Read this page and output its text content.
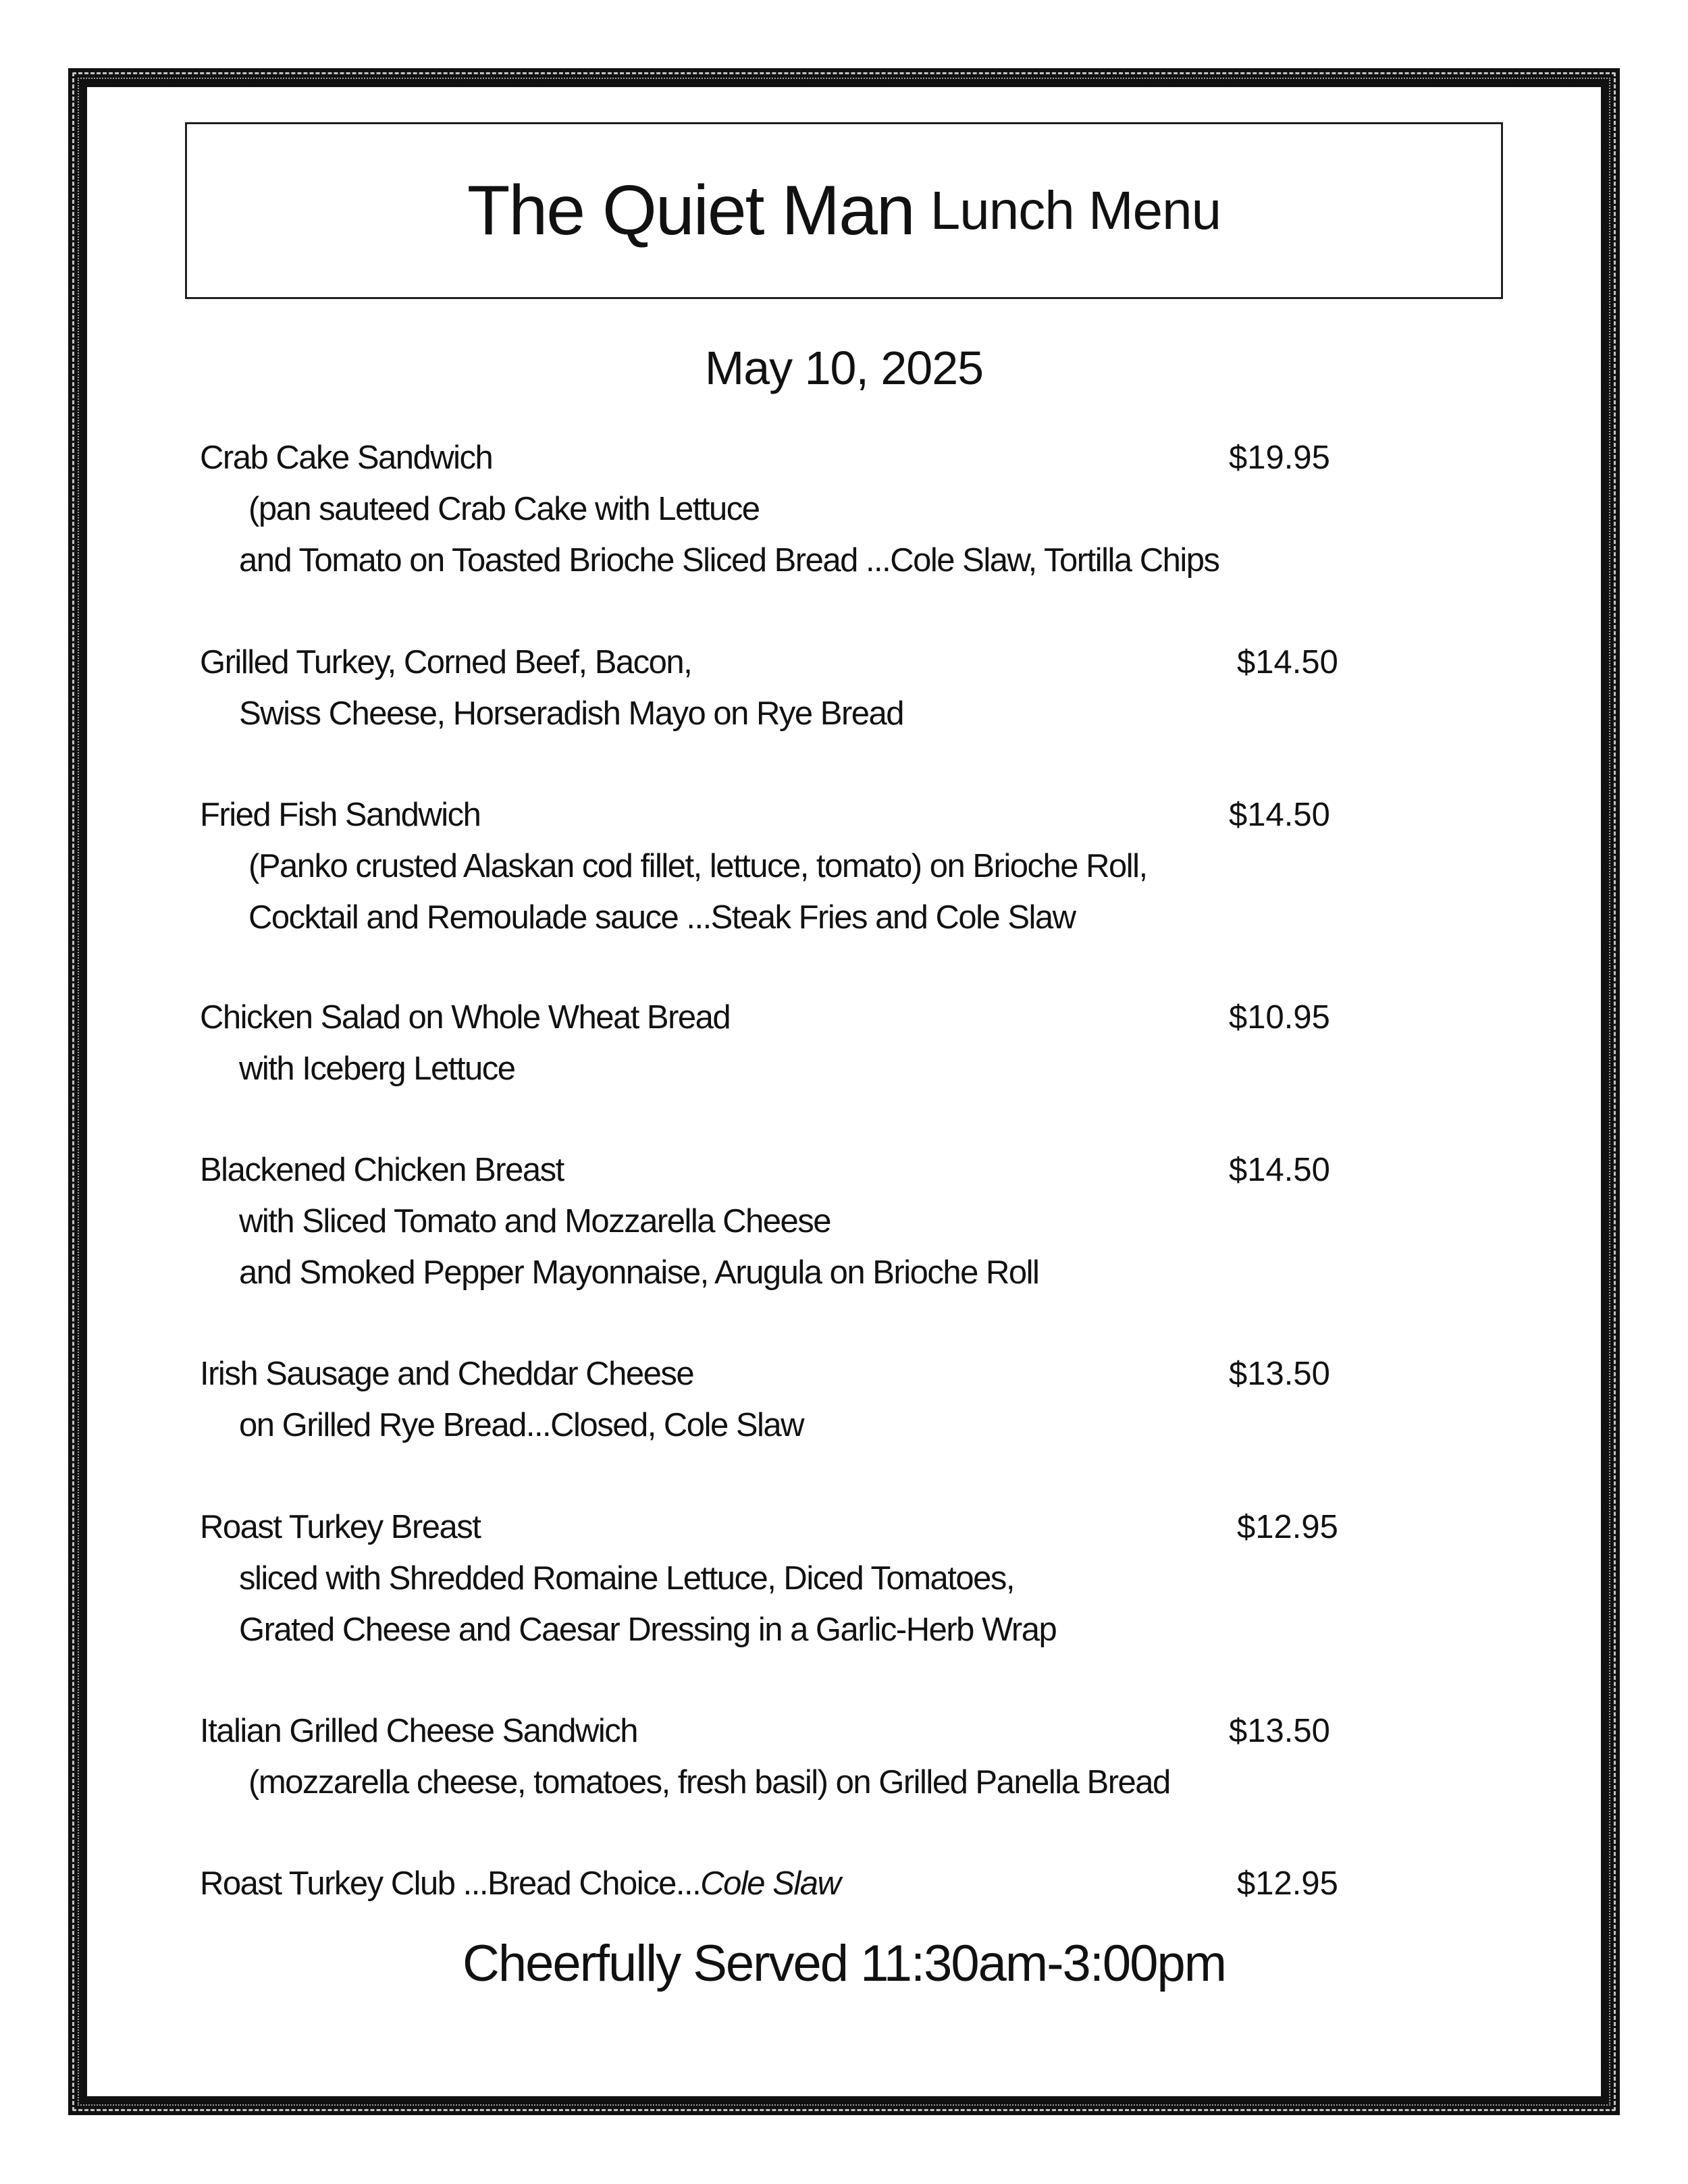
The Quiet Man Lunch Menu
May 10, 2025
Crab Cake Sandwich	$19.95
(pan sauteed Crab Cake with Lettuce
and Tomato on Toasted Brioche Sliced Bread ...Cole Slaw, Tortilla Chips
Grilled Turkey, Corned Beef, Bacon,	$14.50
Swiss Cheese, Horseradish Mayo on Rye Bread
Fried Fish Sandwich	$14.50
(Panko crusted Alaskan cod fillet, lettuce, tomato) on Brioche Roll,
Cocktail and Remoulade sauce ...Steak Fries and Cole Slaw
Chicken Salad on Whole Wheat Bread	$10.95
with Iceberg Lettuce
Blackened Chicken Breast	$14.50
with Sliced Tomato and Mozzarella Cheese
and Smoked Pepper Mayonnaise, Arugula on Brioche Roll
Irish Sausage and Cheddar Cheese	$13.50
on Grilled Rye Bread...Closed, Cole Slaw
Roast Turkey Breast	$12.95
sliced with Shredded Romaine Lettuce, Diced Tomatoes,
Grated Cheese and Caesar Dressing in a Garlic-Herb Wrap
Italian Grilled Cheese Sandwich	$13.50
(mozzarella cheese, tomatoes, fresh basil) on Grilled Panella Bread
Roast Turkey Club ...Bread Choice...Cole Slaw	$12.95
Cheerfully Served 11:30am-3:00pm
